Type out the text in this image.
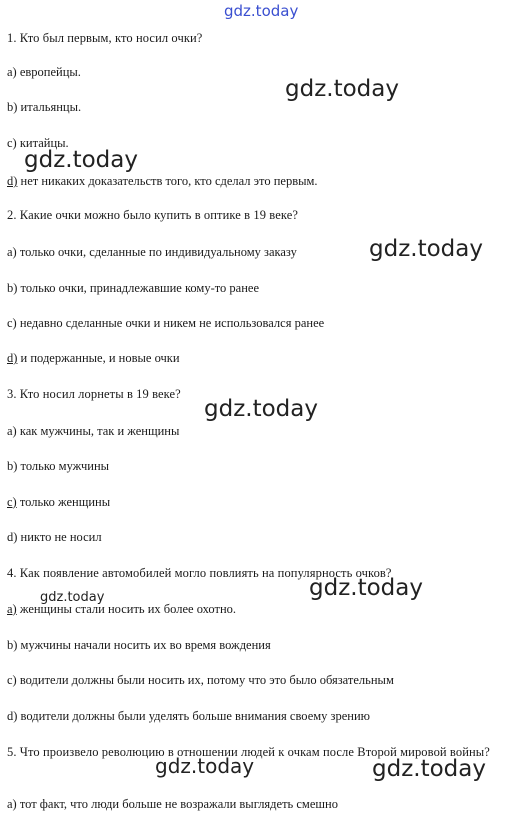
gdz.today
gdz.today
gdz.today
gdz.today
gdz.today
gdz.today
gdz.today
gdz.today	gdz.today
1. Кто был первым, кто носил очки?
а) европейцы.
b) итальянцы.
c) китайцы.
d) нет никаких доказательств того, кто сделал это первым.
2. Какие очки можно было купить в оптике в 19 веке?
a) только очки, сделанные по индивидуальному заказу
b) только очки, принадлежавшие кому-то ранее
c) недавно сделанные очки и никем не использовался ранее
d) и подержанные, и новые очки
3. Кто носил лорнеты в 19 веке?
a) как мужчины, так и женщины
b) только мужчины
c) только женщины
d) никто не носил
4. Как появление автомобилей могло повлиять на популярность очков?
a) женщины стали носить их более охотно.
b) мужчины начали носить их во время вождения
c) водители должны были носить их, потому что это было обязательным
d) водители должны были уделять больше внимания своему зрению
5. Что произвело революцию в отношении людей к очкам после Второй мировой войны?
a) тот факт, что люди больше не возражали выглядеть смешно
